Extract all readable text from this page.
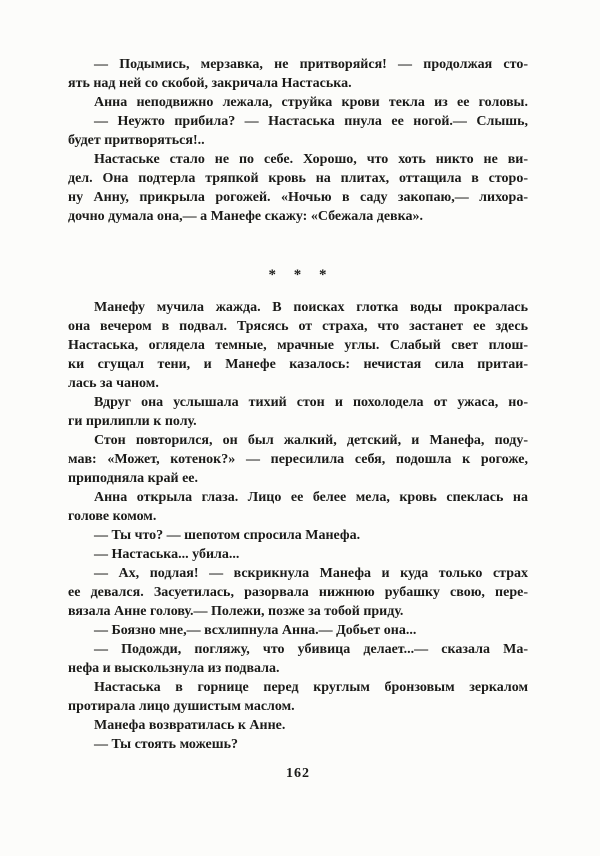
— Подымись, мерзавка, не притворяйся! — продолжая сто-
ять над ней со скобой, закричала Настаська.
Анна неподвижно лежала, струйка крови текла из ее головы.
— Неужто прибила? — Настаська пнула ее ногой.— Слышь,
будет притворяться!..
Настаське стало не по себе. Хорошо, что хоть никто не ви-
дел. Она подтерла тряпкой кровь на плитах, оттащила в сторо-
ну Анну, прикрыла рогожей. «Ночью в саду закопаю,— лихора-
дочно думала она,— а Манефе скажу: «Сбежала девка».
* * *
Манефу мучила жажда. В поисках глотка воды прокралась
она вечером в подвал. Трясясь от страха, что застанет ее здесь
Настаська, оглядела темные, мрачные углы. Слабый свет плош-
ки сгущал тени, и Манефе казалось: нечистая сила притаи-
лась за чаном.
Вдруг она услышала тихий стон и похолодела от ужаса, но-
ги прилипли к полу.
Стон повторился, он был жалкий, детский, и Манефа, поду-
мав: «Может, котенок?» — пересилила себя, подошла к рогоже,
приподняла край ее.
Анна открыла глаза. Лицо ее белее мела, кровь спеклась на
голове комом.
— Ты что? — шепотом спросила Манефа.
— Настаська... убила...
— Ах, подлая! — вскрикнула Манефа и куда только страх
ее девался. Засуетилась, разорвала нижнюю рубашку свою, пере-
вязала Анне голову.— Полежи, позже за тобой приду.
— Боязно мне,— всхлипнула Анна.— Добьет она...
— Подожди, погляжу, что убивица делает...— сказала Ма-
нефа и выскользнула из подвала.
Настаська в горнице перед круглым бронзовым зеркалом
протирала лицо душистым маслом.
Манефа возвратилась к Анне.
— Ты стоять можешь?
162
